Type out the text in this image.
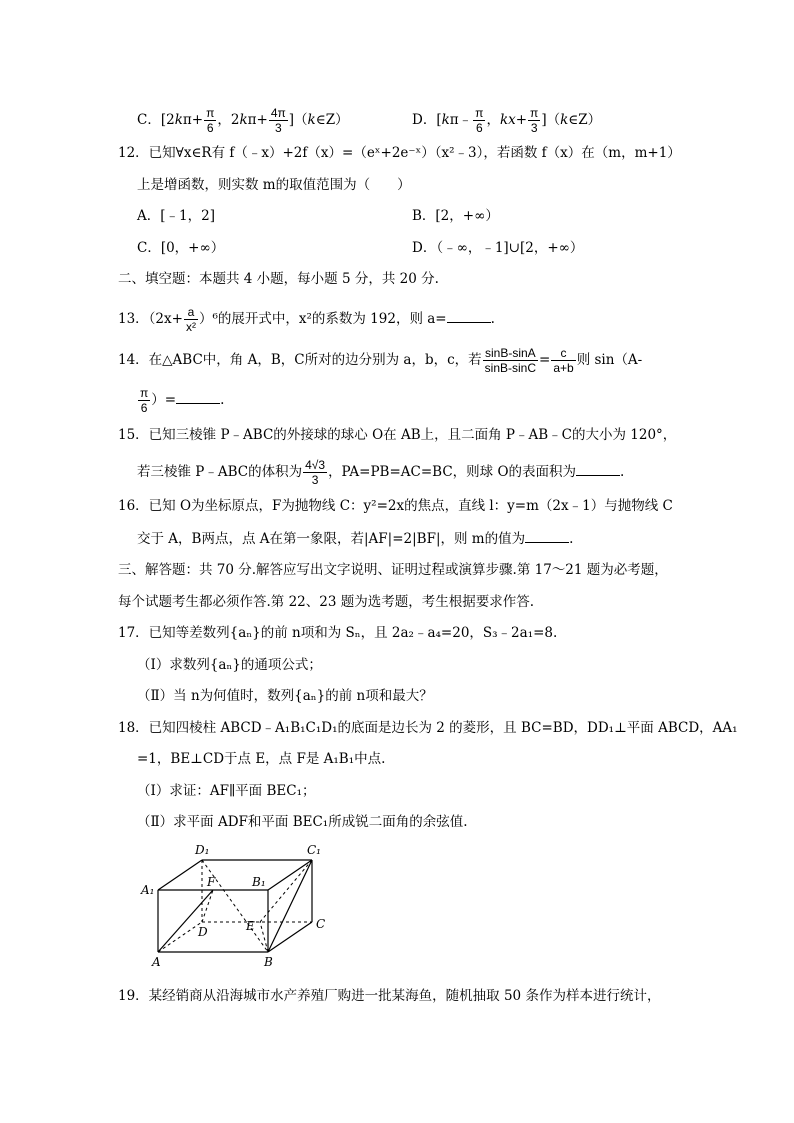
C．[$2k\pi+ \frac{\pi}{6}$ ，$2k\pi+ \frac{4\pi}{3}$ ]（k∈Z）	D．[kπ﹣ $\frac{\pi}{6}$ ，$kx+ \frac{\pi}{3}$ ]（k∈Z）
12．已知∀x∈R有 f（﹣x）+2f（x）=（eˣ+2e⁻ˣ）（x²﹣3），若函数 f（x）在（m，m+1）
上是增函数，则实数 m的取值范围为（　　）
A．[﹣1，2]	B．[2，+∞）
C．[0，+∞）	D．（﹣∞，﹣1]∪[2，+∞）
二、填空题：本题共 4 小题，每小题 5 分，共 20 分.
13．$(2x+ \frac{a}{\text{x²}} )^6$的展开式中，x²的系数为 192，则 a=	.
14．在△ABC中，角 A，B，C所对的边分别为 a，b，c，若 $\frac{\sin B-\sin A}{\sin B-\sin C} = \frac{c}{a+b}$ 则 sin（A-
$\frac{\pi}{6}$ ）=	.
15．已知三棱锥 P﹣ABC的外接球的球心 O在 AB上，且二面角 P﹣AB﹣C的大小为 120°，
若三棱锥 P﹣ABC的体积为 $\frac{4√3}{3}$ ，PA=PB=AC=BC，则球 O的表面积为	.
16．已知 O为坐标原点，F为抛物线 C：y²=2x的焦点，直线 l：y=m（2x﹣1）与抛物线 C
交于 A，B两点，点 A在第一象限，若|AF|=2|BF|，则 m的值为	.
三、解答题：共 70 分.解答应写出文字说明、证明过程或演算步骤.第 17～21 题为必考题，
每个试题考生都必须作答.第 22、23 题为选考题，考生根据要求作答.
17．已知等差数列{aₙ}的前 n项和为 Sₙ，且 2a₂﹣a₄=20，S₃﹣2a₁=8.
（Ⅰ）求数列{aₙ}的通项公式；
（Ⅱ）当 n为何值时，数列{aₙ}的前 n项和最大？
18．已知四棱柱 ABCD﹣A₁B₁C₁D₁的底面是边长为 2 的菱形，且 BC=BD，DD₁⊥平面 ABCD，AA₁
=1，BE⊥CD于点 E，点 F是 A₁B₁中点.
（Ⅰ）求证：AF∥平面 BEC₁；
（Ⅱ）求平面 ADF和平面 BEC₁所成锐二面角的余弦值.
D₁	C₁
A₁
B₁
F
D	E	C
A	B
19．某经销商从沿海城市水产养殖厂购进一批某海鱼，随机抽取 50 条作为样本进行统计，
